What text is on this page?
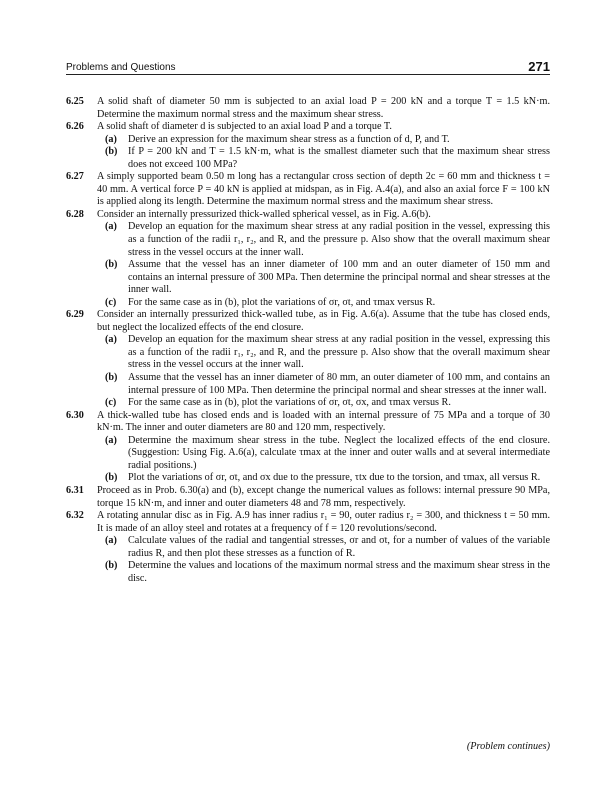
Problems and Questions	271
6.25 A solid shaft of diameter 50 mm is subjected to an axial load P = 200 kN and a torque T = 1.5 kN·m. Determine the maximum normal stress and the maximum shear stress.
6.26 A solid shaft of diameter d is subjected to an axial load P and a torque T.
(a) Derive an expression for the maximum shear stress as a function of d, P, and T.
(b) If P = 200 kN and T = 1.5 kN·m, what is the smallest diameter such that the maximum shear stress does not exceed 100 MPa?
6.27 A simply supported beam 0.50 m long has a rectangular cross section of depth 2c = 60 mm and thickness t = 40 mm. A vertical force P = 40 kN is applied at midspan, as in Fig. A.4(a), and also an axial force F = 100 kN is applied along its length. Determine the maximum normal stress and the maximum shear stress.
6.28 Consider an internally pressurized thick-walled spherical vessel, as in Fig. A.6(b).
(a) Develop an equation for the maximum shear stress at any radial position in the vessel, expressing this as a function of the radii r₁, r₂, and R, and the pressure p. Also show that the overall maximum shear stress in the vessel occurs at the inner wall.
(b) Assume that the vessel has an inner diameter of 100 mm and an outer diameter of 150 mm and contains an internal pressure of 300 MPa. Then determine the principal normal and shear stresses at the inner wall.
(c) For the same case as in (b), plot the variations of σr, σt, and τmax versus R.
6.29 Consider an internally pressurized thick-walled tube, as in Fig. A.6(a). Assume that the tube has closed ends, but neglect the localized effects of the end closure.
(a) Develop an equation for the maximum shear stress at any radial position in the vessel, expressing this as a function of the radii r₁, r₂, and R, and the pressure p. Also show that the overall maximum shear stress in the vessel occurs at the inner wall.
(b) Assume that the vessel has an inner diameter of 80 mm, an outer diameter of 100 mm, and contains an internal pressure of 100 MPa. Then determine the principal normal and shear stresses at the inner wall.
(c) For the same case as in (b), plot the variations of σr, σt, σx, and τmax versus R.
6.30 A thick-walled tube has closed ends and is loaded with an internal pressure of 75 MPa and a torque of 30 kN·m. The inner and outer diameters are 80 and 120 mm, respectively.
(a) Determine the maximum shear stress in the tube. Neglect the localized effects of the end closure. (Suggestion: Using Fig. A.6(a), calculate τmax at the inner and outer walls and at several intermediate radial positions.)
(b) Plot the variations of σr, σt, and σx due to the pressure, τtx due to the torsion, and τmax, all versus R.
6.31 Proceed as in Prob. 6.30(a) and (b), except change the numerical values as follows: internal pressure 90 MPa, torque 15 kN·m, and inner and outer diameters 48 and 78 mm, respectively.
6.32 A rotating annular disc as in Fig. A.9 has inner radius r₁ = 90, outer radius r₂ = 300, and thickness t = 50 mm. It is made of an alloy steel and rotates at a frequency of f = 120 revolutions/second.
(a) Calculate values of the radial and tangential stresses, σr and σt, for a number of values of the variable radius R, and then plot these stresses as a function of R.
(b) Determine the values and locations of the maximum normal stress and the maximum shear stress in the disc.
(Problem continues)
